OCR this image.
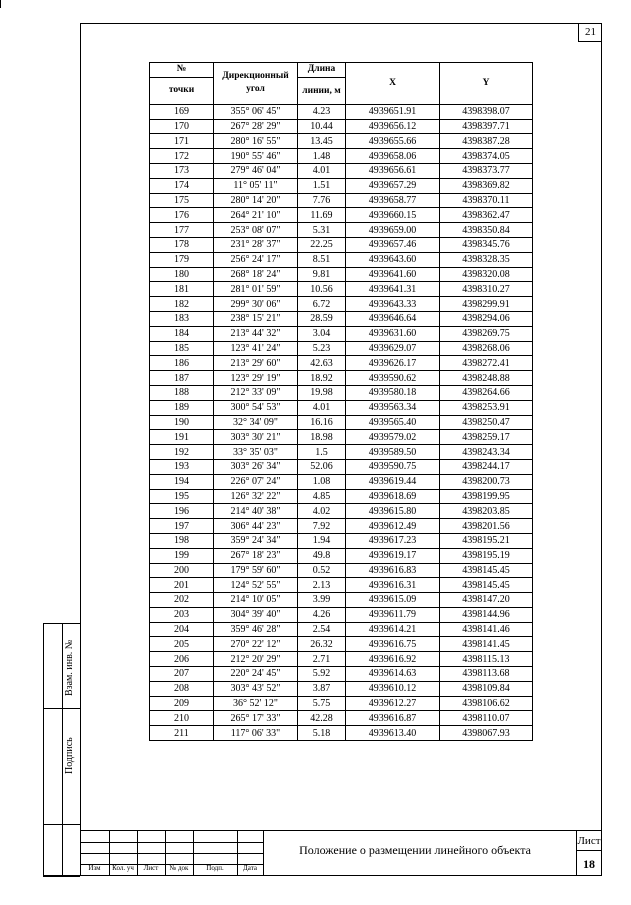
21
Взам. инв. №
Подпись
№	Дирекционный угол	Длина	X	Y
точки		линии, м		
169	355° 06' 45"	4.23	4939651.91	4398398.07
170	267° 28' 29"	10.44	4939656.12	4398397.71
171	280° 16' 55"	13.45	4939655.66	4398387.28
172	190° 55' 46"	1.48	4939658.06	4398374.05
173	279° 46' 04"	4.01	4939656.61	4398373.77
174	11° 05' 11"	1.51	4939657.29	4398369.82
175	280° 14' 20"	7.76	4939658.77	4398370.11
176	264° 21' 10"	11.69	4939660.15	4398362.47
177	253° 08' 07"	5.31	4939659.00	4398350.84
178	231° 28' 37"	22.25	4939657.46	4398345.76
179	256° 24' 17"	8.51	4939643.60	4398328.35
180	268° 18' 24"	9.81	4939641.60	4398320.08
181	281° 01' 59"	10.56	4939641.31	4398310.27
182	299° 30' 06"	6.72	4939643.33	4398299.91
183	238° 15' 21"	28.59	4939646.64	4398294.06
184	213° 44' 32"	3.04	4939631.60	4398269.75
185	123° 41' 24"	5.23	4939629.07	4398268.06
186	213° 29' 60"	42.63	4939626.17	4398272.41
187	123° 29' 19"	18.92	4939590.62	4398248.88
188	212° 33' 09"	19.98	4939580.18	4398264.66
189	300° 54' 53"	4.01	4939563.34	4398253.91
190	32° 34' 09"	16.16	4939565.40	4398250.47
191	303° 30' 21"	18.98	4939579.02	4398259.17
192	33° 35' 03"	1.5	4939589.50	4398243.34
193	303° 26' 34"	52.06	4939590.75	4398244.17
194	226° 07' 24"	1.08	4939619.44	4398200.73
195	126° 32' 22"	4.85	4939618.69	4398199.95
196	214° 40' 38"	4.02	4939615.80	4398203.85
197	306° 44' 23"	7.92	4939612.49	4398201.56
198	359° 24' 34"	1.94	4939617.23	4398195.21
199	267° 18' 23"	49.8	4939619.17	4398195.19
200	179° 59' 60"	0.52	4939616.83	4398145.45
201	124° 52' 55"	2.13	4939616.31	4398145.45
202	214° 10' 05"	3.99	4939615.09	4398147.20
203	304° 39' 40"	4.26	4939611.79	4398144.96
204	359° 46' 28"	2.54	4939614.21	4398141.46
205	270° 22' 12"	26.32	4939616.75	4398141.45
206	212° 20' 29"	2.71	4939616.92	4398115.13
207	220° 24' 45"	5.92	4939614.63	4398113.68
208	303° 43' 52"	3.87	4939610.12	4398109.84
209	36° 52' 12"	5.75	4939612.27	4398106.62
210	265° 17' 33"	42.28	4939616.87	4398110.07
211	117° 06' 33"	5.18	4939613.40	4398067.93
Изм	Кол. уч	Лист	№ док	Подп.	Дата
Положение о размещении линейного объекта
Лист
18
